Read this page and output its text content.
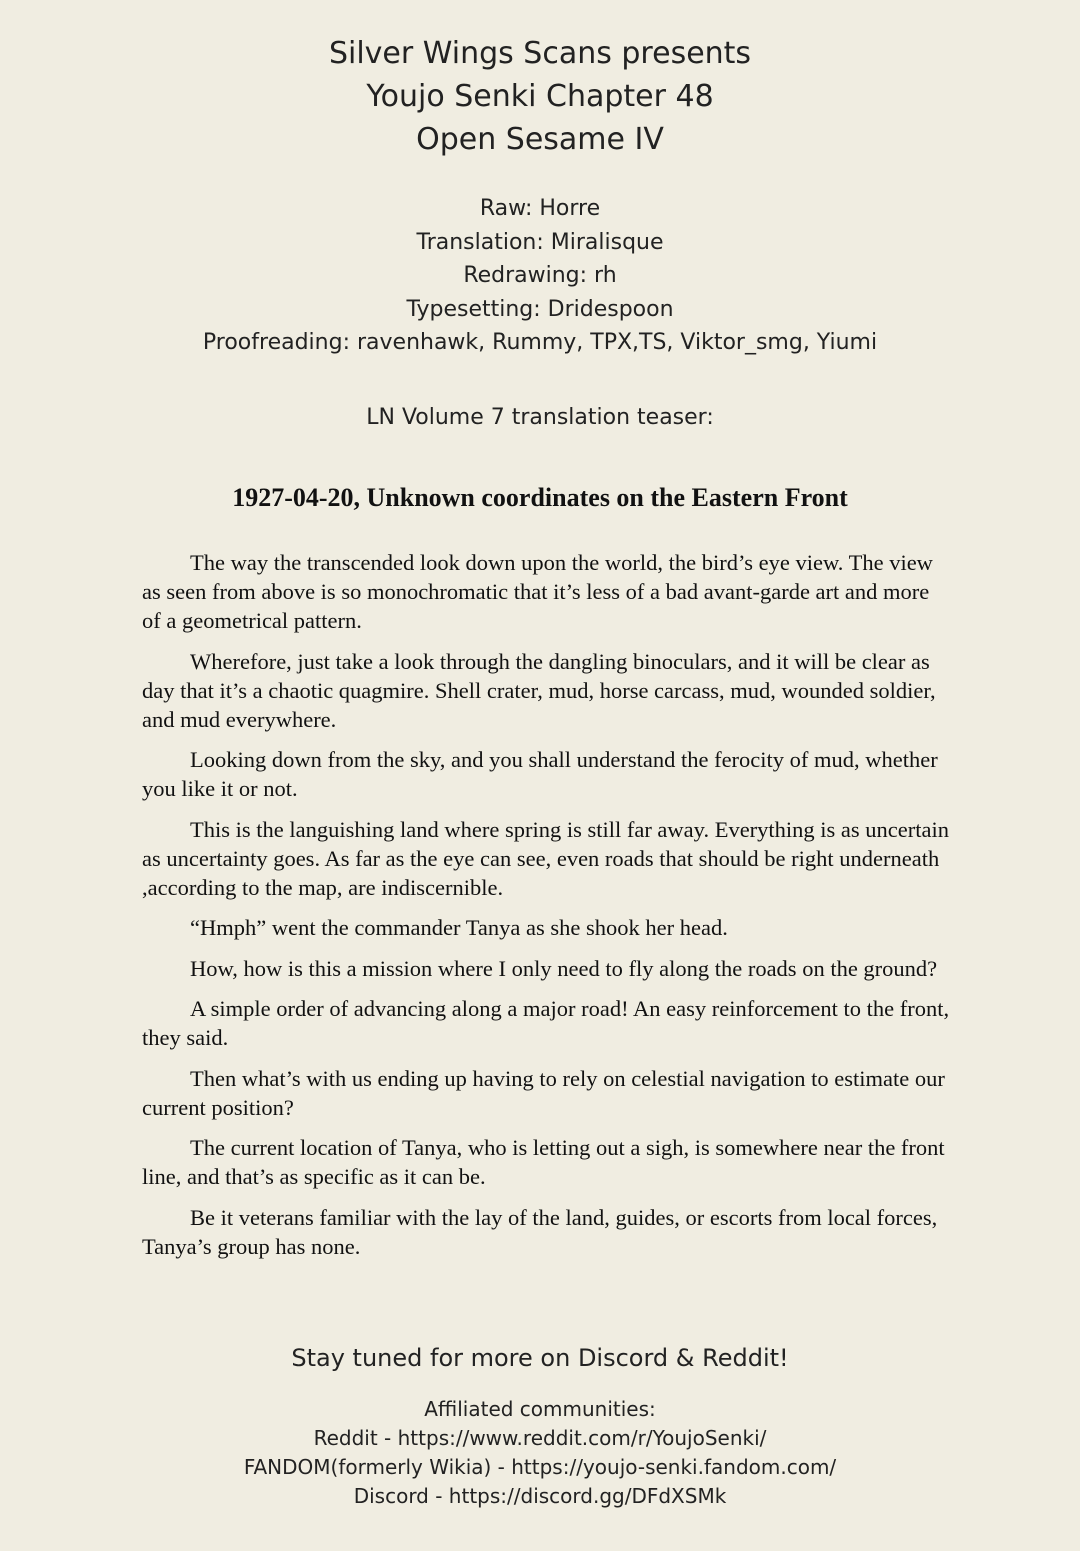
Silver Wings Scans presents
Youjo Senki Chapter 48
Open Sesame IV
Raw: Horre
Translation: Miralisque
Redrawing: rh
Typesetting: Dridespoon
Proofreading: ravenhawk, Rummy, TPX,TS, Viktor_smg, Yiumi
LN Volume 7 translation teaser:
1927-04-20, Unknown coordinates on the Eastern Front

The way the transcended look down upon the world, the bird’s eye view. The view as seen from above is so monochromatic that it’s less of a bad avant-garde art and more of a geometrical pattern.

Wherefore, just take a look through the dangling binoculars, and it will be clear as day that it’s a chaotic quagmire. Shell crater, mud, horse carcass, mud, wounded soldier, and mud everywhere.

Looking down from the sky, and you shall understand the ferocity of mud, whether you like it or not.

This is the languishing land where spring is still far away. Everything is as uncertain as uncertainty goes. As far as the eye can see, even roads that should be right underneath ,according to the map, are indiscernible.

“Hmph” went the commander Tanya as she shook her head.

How, how is this a mission where I only need to fly along the roads on the ground?

A simple order of advancing along a major road! An easy reinforcement to the front, they said.

Then what’s with us ending up having to rely on celestial navigation to estimate our current position?

The current location of Tanya, who is letting out a sigh, is somewhere near the front line, and that’s as specific as it can be.

Be it veterans familiar with the lay of the land, guides, or escorts from local forces, Tanya’s group has none.

Stay tuned for more on Discord & Reddit!
Affiliated communities:
Reddit - https://www.reddit.com/r/YoujoSenki/
FANDOM(formerly Wikia) - https://youjo-senki.fandom.com/
Discord - https://discord.gg/DFdXSMk
